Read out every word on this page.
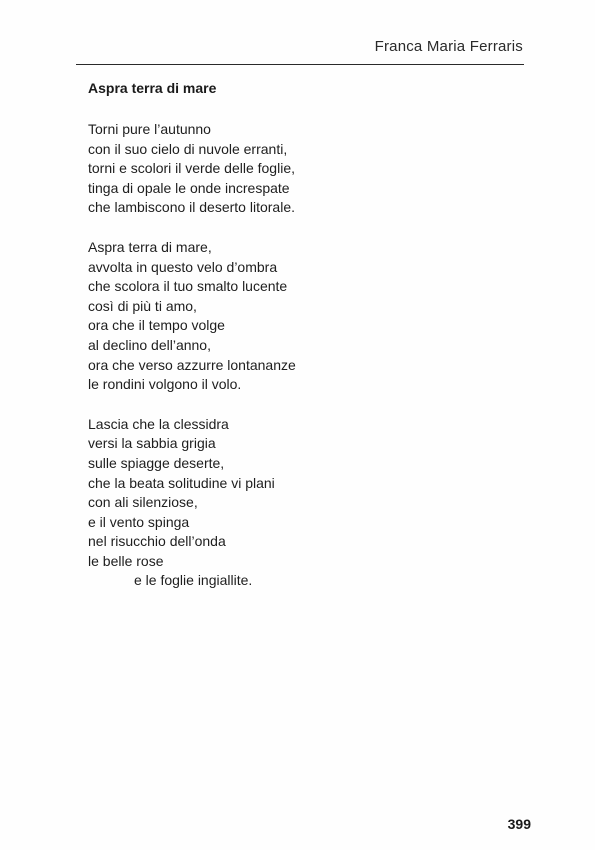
Franca Maria Ferraris
Aspra terra di mare
Torni pure l’autunno
con il suo cielo di nuvole erranti,
torni e scolori il verde delle foglie,
tinga di opale le onde increspate
che lambiscono il deserto litorale.
Aspra terra di mare,
avvolta in questo velo d’ombra
che scolora il tuo smalto lucente
così di più ti amo,
ora che il tempo volge
al declino dell’anno,
ora che verso azzurre lontananze
le rondini volgono il volo.
Lascia che la clessidra
versi la sabbia grigia
sulle spiagge deserte,
che la beata solitudine vi plani
con ali silenziose,
e il vento spinga
nel risucchio dell’onda
le belle rose
e le foglie ingiallite.
399
